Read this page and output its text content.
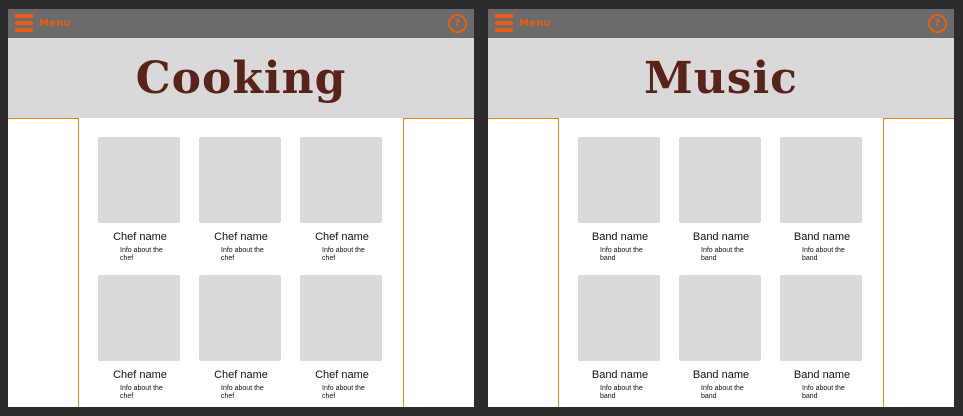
Menu	?
Cooking
Chef name
Info about the chef
Chef name
Info about the chef
Chef name
Info about the chef
Chef name
Info about the chef
Chef name
Info about the chef
Chef name
Info about the chef
Menu	?
Music
Band name
Info about the band
Band name
Info about the band
Band name
Info about the band
Band name
Info about the band
Band name
Info about the band
Band name
Info about the band
